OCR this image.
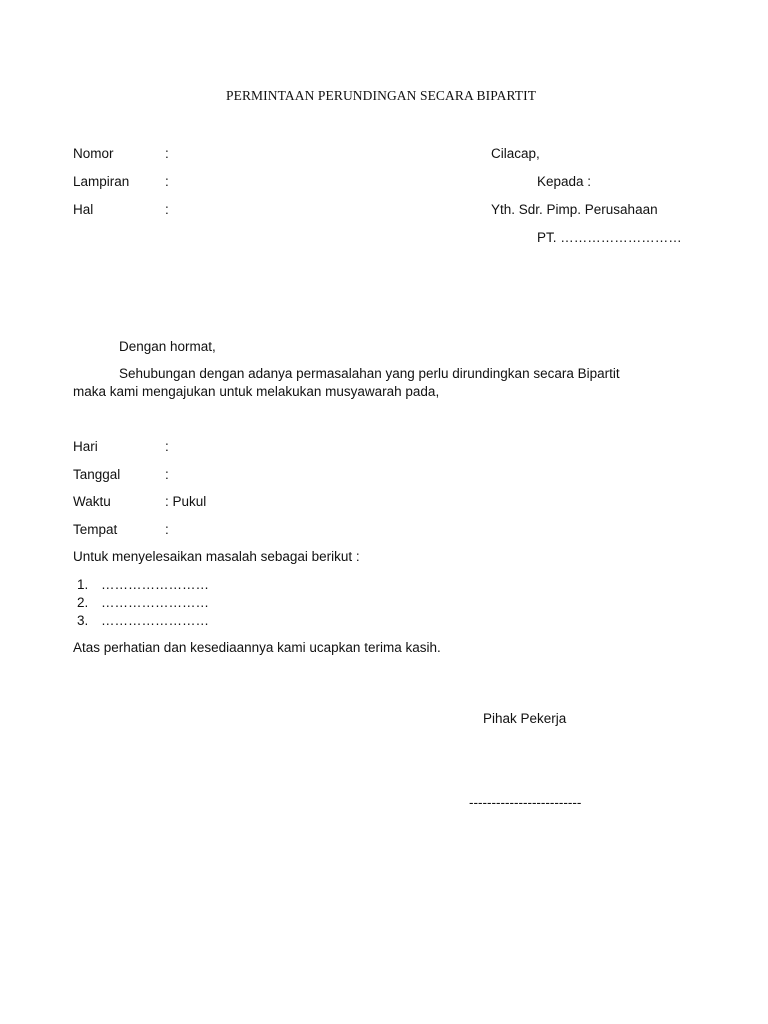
PERMINTAAN PERUNDINGAN SECARA BIPARTIT
Nomor	:
Lampiran	:
Hal	:
Cilacap,
Kepada :
Yth. Sdr. Pimp. Perusahaan
PT. ………………………
Dengan hormat,
Sehubungan dengan adanya permasalahan yang perlu dirundingkan secara Bipartit
maka kami mengajukan untuk melakukan musyawarah pada,
Hari	:
Tanggal	:
Waktu	: Pukul
Tempat	:
Untuk menyelesaikan masalah sebagai berikut :
1. ……………………
2. ……………………
3. ……………………
Atas perhatian dan kesediaannya kami ucapkan terima kasih.
Pihak Pekerja
-------------------------
